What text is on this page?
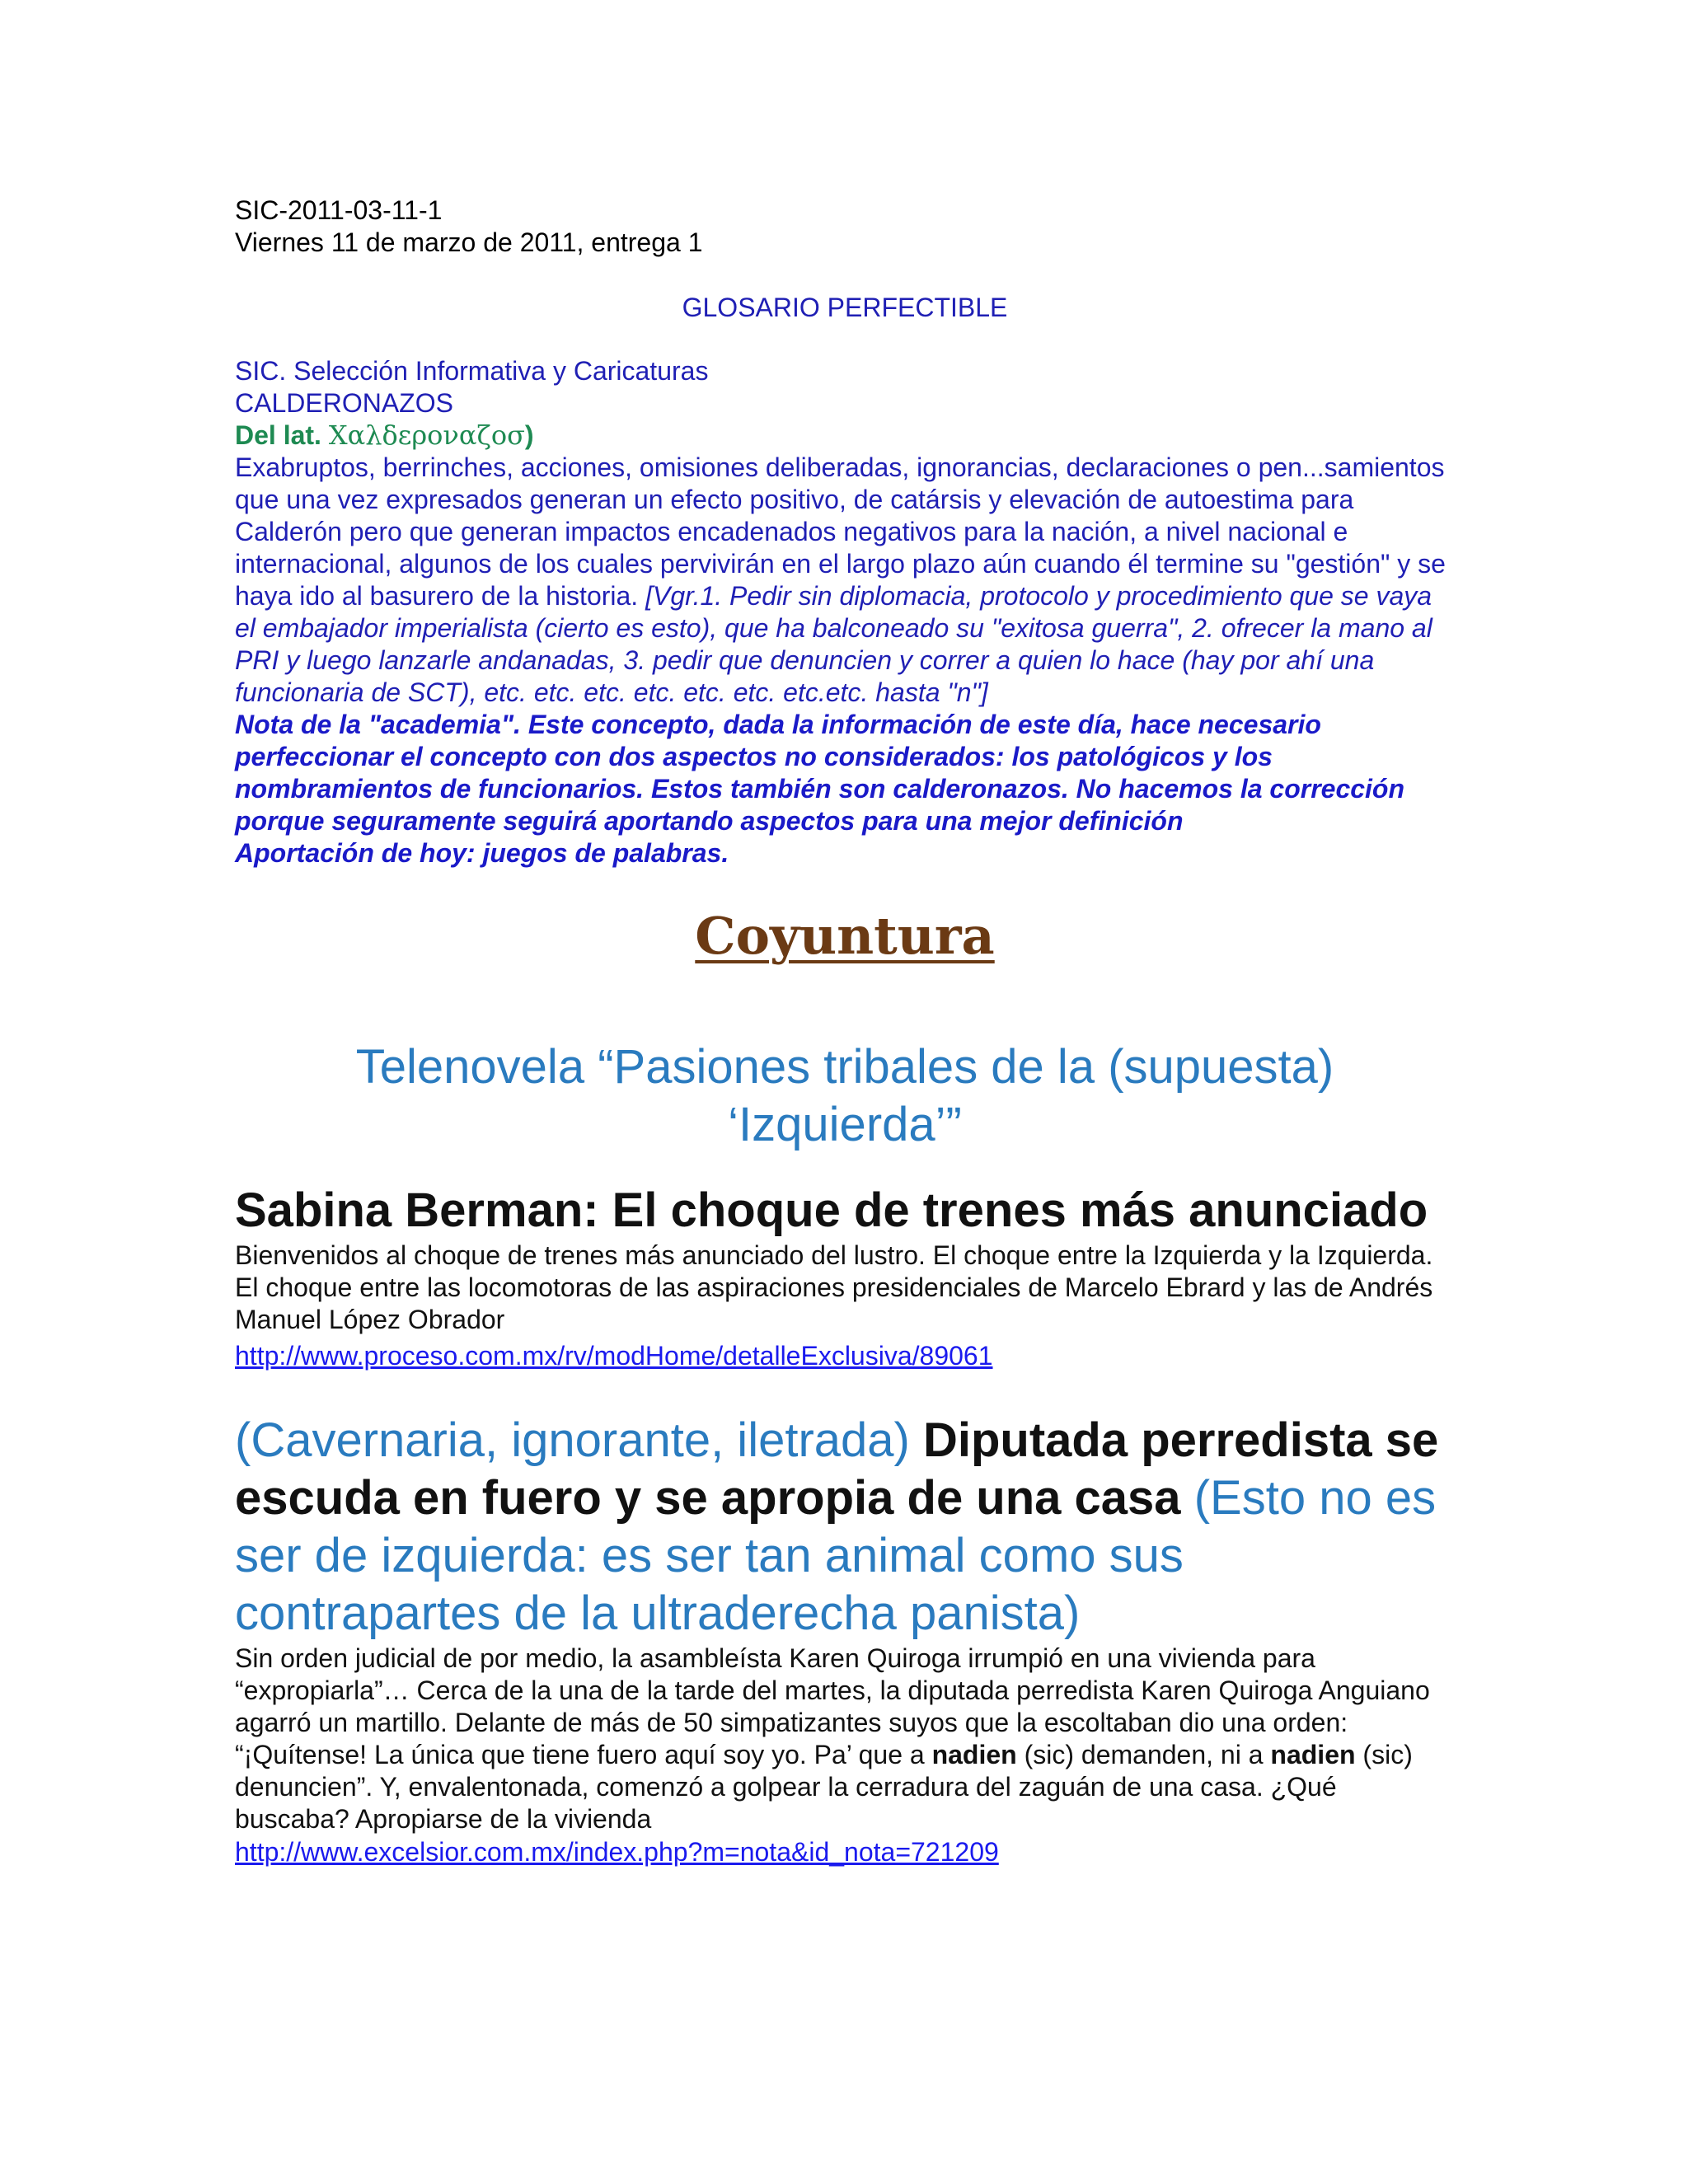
SIC-2011-03-11-1
Viernes 11 de marzo de 2011, entrega 1
GLOSARIO PERFECTIBLE
SIC. Selección Informativa y Caricaturas
CALDERONAZOS
Del lat. Χαλδερoναζoσ)
Exabruptos, berrinches, acciones, omisiones deliberadas, ignorancias, declaraciones o pen...samientos que una vez expresados generan un efecto positivo, de catársis y elevación de autoestima para Calderón pero que generan impactos encadenados negativos para la nación, a nivel nacional e internacional, algunos de los cuales pervivirán en el largo plazo aún cuando él termine su "gestión" y se haya ido al basurero de la historia. [Vgr.1. Pedir sin diplomacia, protocolo y procedimiento que se vaya el embajador imperialista (cierto es esto), que ha balconeado su "exitosa guerra", 2. ofrecer la mano al PRI y luego lanzarle andanadas, 3. pedir que denuncien y correr a quien lo hace (hay por ahí una funcionaria de SCT), etc. etc. etc. etc. etc. etc. etc.etc. hasta "n"]
Nota de la "academia". Este concepto, dada la información de este día, hace necesario perfeccionar el concepto con dos aspectos no considerados: los patológicos y los nombramientos de funcionarios. Estos también son calderonazos. No hacemos la corrección porque seguramente seguirá aportando aspectos para una mejor definición
Aportación de hoy: juegos de palabras.
Coyuntura
Telenovela “Pasiones tribales de la (supuesta) ‘Izquierda’”
Sabina Berman: El choque de trenes más anunciado
Bienvenidos al choque de trenes más anunciado del lustro. El choque entre la Izquierda y la Izquierda. El choque entre las locomotoras de las aspiraciones presidenciales de Marcelo Ebrard y las de Andrés Manuel López Obrador
http://www.proceso.com.mx/rv/modHome/detalleExclusiva/89061
(Cavernaria, ignorante, iletrada) Diputada perredista se escuda en fuero y se apropia de una casa (Esto no es ser de izquierda: es ser tan animal como sus contrapartes de la ultraderecha panista)
Sin orden judicial de por medio, la asambleísta Karen Quiroga irrumpió en una vivienda para “expropiarla”… Cerca de la una de la tarde del martes, la diputada perredista Karen Quiroga Anguiano agarró un martillo. Delante de más de 50 simpatizantes suyos que la escoltaban dio una orden: “¡Quítense! La única que tiene fuero aquí soy yo. Pa’ que a nadien (sic) demanden, ni a nadien (sic) denuncien”. Y, envalentonada, comenzó a golpear la cerradura del zaguán de una casa. ¿Qué buscaba? Apropiarse de la vivienda
http://www.excelsior.com.mx/index.php?m=nota&id_nota=721209
